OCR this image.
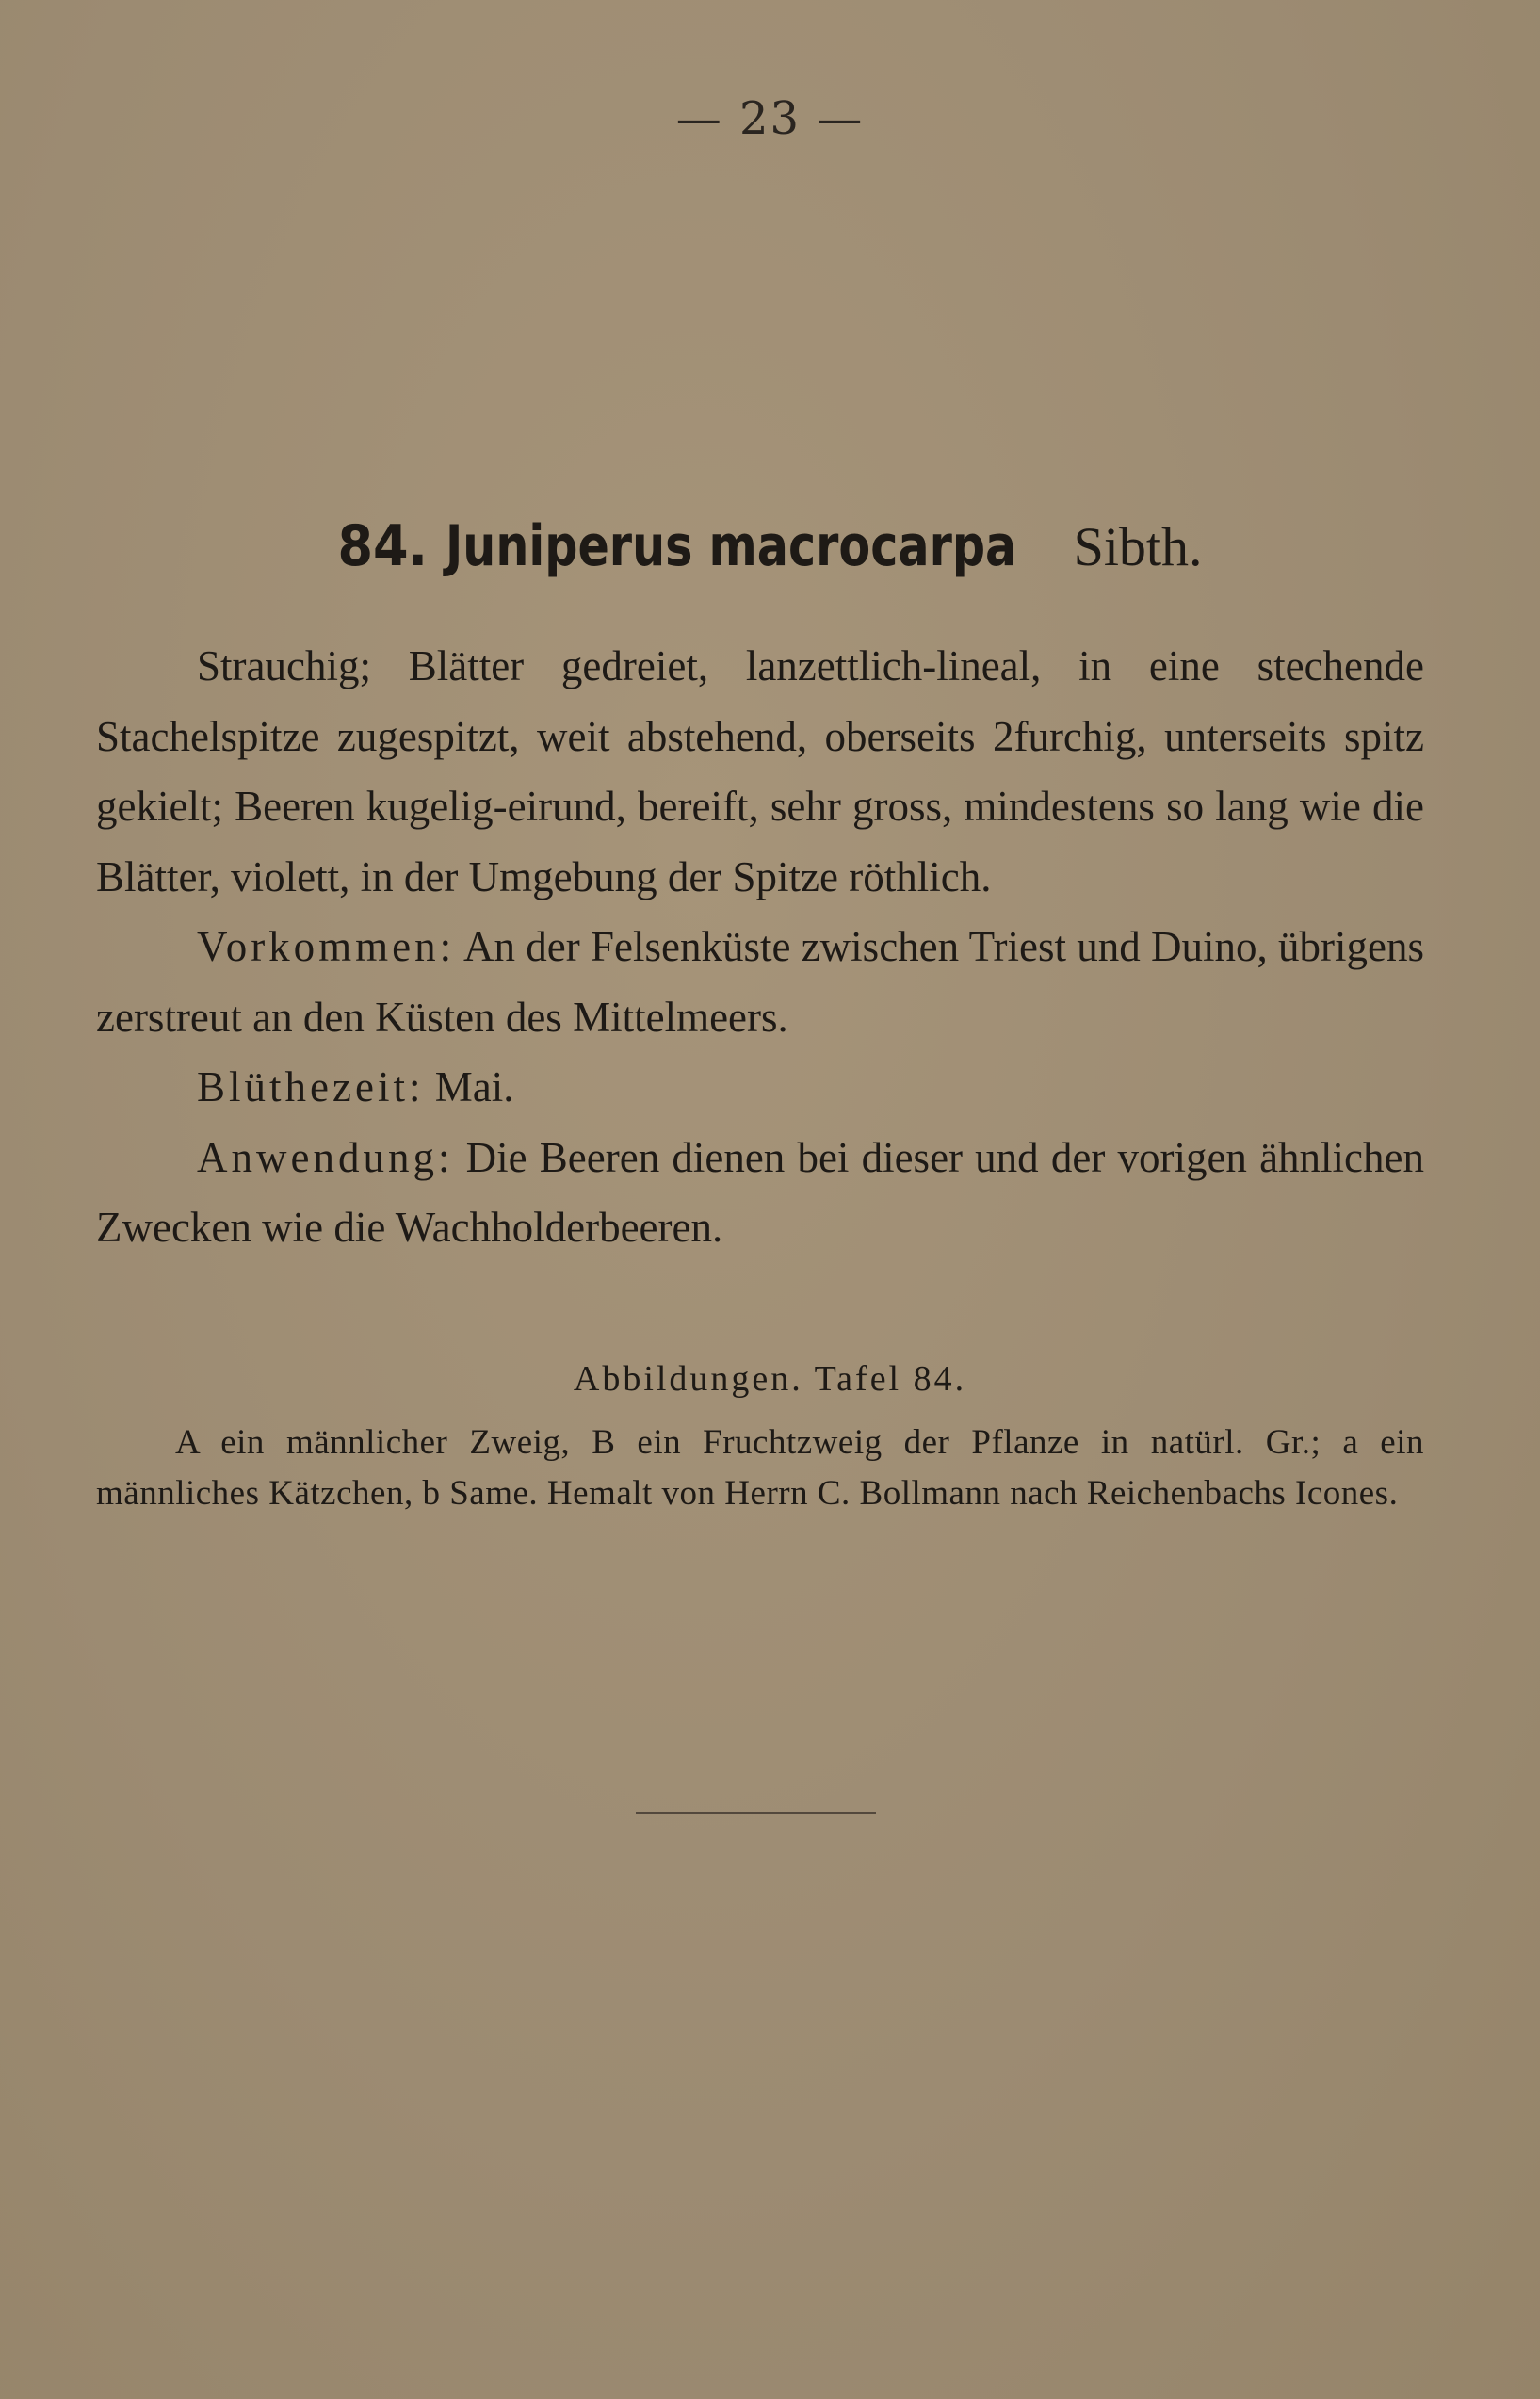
— 23 —
84. Juniperus macrocarpa Sibth.

Strauchig; Blätter gedreiet, lanzettlich-lineal, in eine stechende Stachelspitze zugespitzt, weit abstehend, oberseits 2furchig, unterseits spitz gekielt; Beeren kugelig-eirund, bereift, sehr gross, mindestens so lang wie die Blätter, violett, in der Umgebung der Spitze röthlich.

Vorkommen: An der Felsenküste zwischen Triest und Duino, übrigens zerstreut an den Küsten des Mittelmeers.

Blüthezeit: Mai.

Anwendung: Die Beeren dienen bei dieser und der vorigen ähnlichen Zwecken wie die Wachholderbeeren.

Abbildungen. Tafel 84.
A ein männlicher Zweig, B ein Fruchtzweig der Pflanze in natürl. Gr.; a ein männliches Kätzchen, b Same. Hemalt von Herrn C. Bollmann nach Reichenbachs Icones.
